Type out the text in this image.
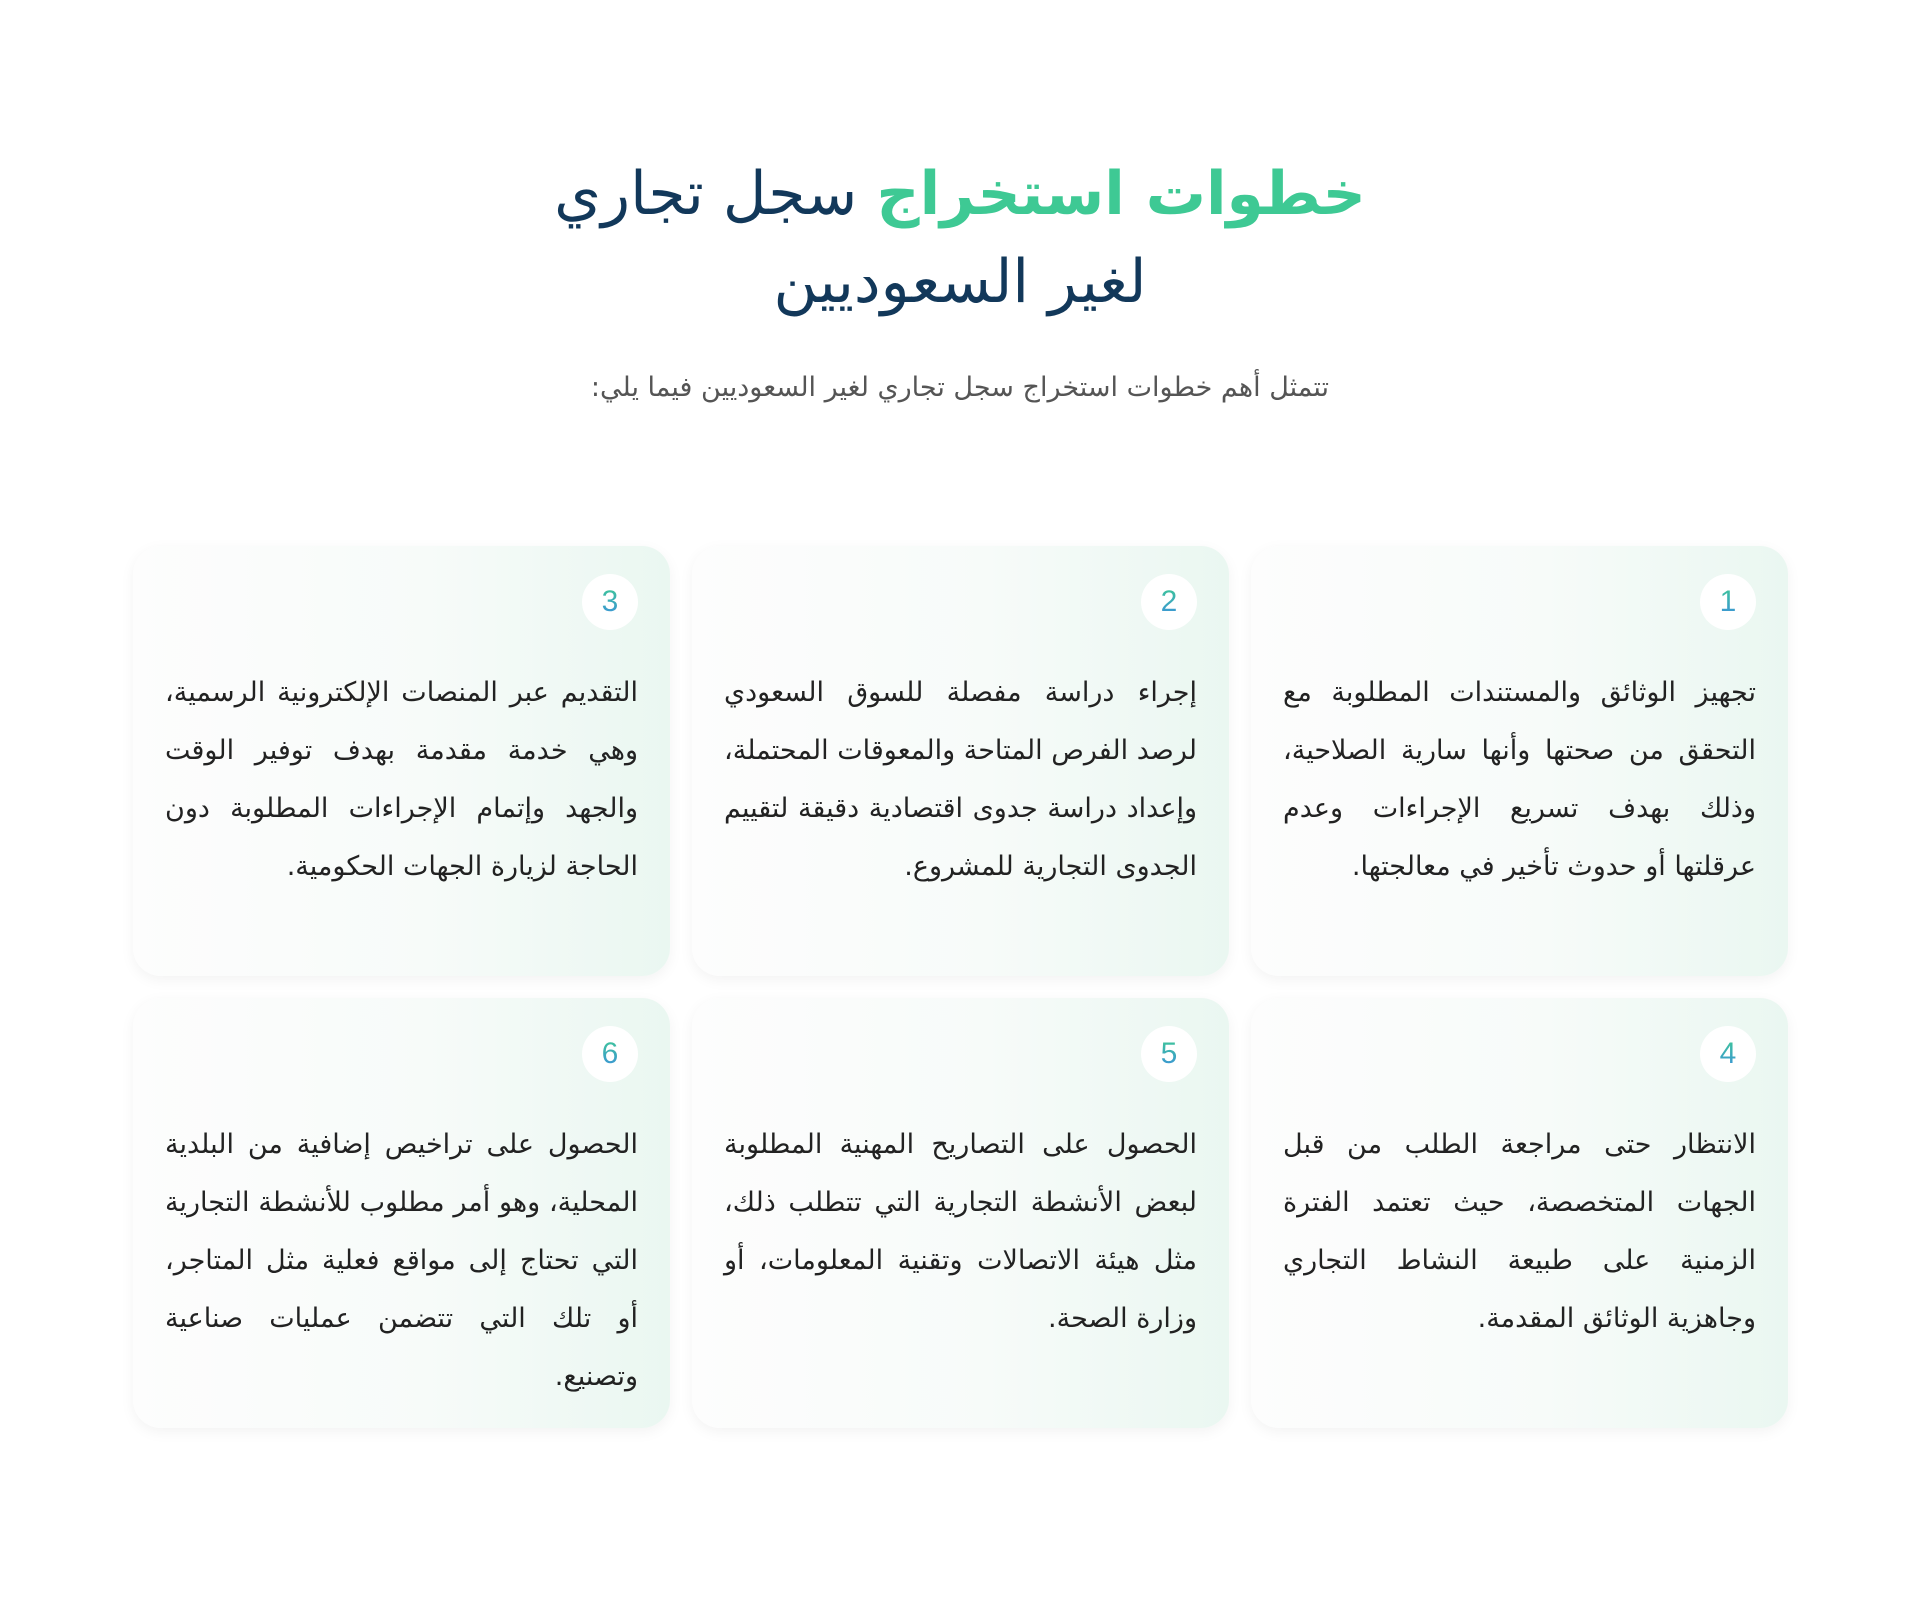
خطوات استخراج سجل تجاري
لغير السعوديين

تتمثل أهم خطوات استخراج سجل تجاري لغير السعوديين فيما يلي:

1
تجهيز الوثائق والمستندات المطلوبة مع التحقق من صحتها وأنها سارية الصلاحية، وذلك بهدف تسريع الإجراءات وعدم عرقلتها أو حدوث تأخير في معالجتها.
2
إجراء دراسة مفصلة للسوق السعودي لرصد الفرص المتاحة والمعوقات المحتملة، وإعداد دراسة جدوى اقتصادية دقيقة لتقييم الجدوى التجارية للمشروع.
3
التقديم عبر المنصات الإلكترونية الرسمية، وهي خدمة مقدمة بهدف توفير الوقت والجهد وإتمام الإجراءات المطلوبة دون الحاجة لزيارة الجهات الحكومية.
4
الانتظار حتى مراجعة الطلب من قبل الجهات المتخصصة، حيث تعتمد الفترة الزمنية على طبيعة النشاط التجاري وجاهزية الوثائق المقدمة.
5
الحصول على التصاريح المهنية المطلوبة لبعض الأنشطة التجارية التي تتطلب ذلك، مثل هيئة الاتصالات وتقنية المعلومات، أو وزارة الصحة.
6
الحصول على تراخيص إضافية من البلدية المحلية، وهو أمر مطلوب للأنشطة التجارية التي تحتاج إلى مواقع فعلية مثل المتاجر، أو تلك التي تتضمن عمليات صناعية وتصنيع.
